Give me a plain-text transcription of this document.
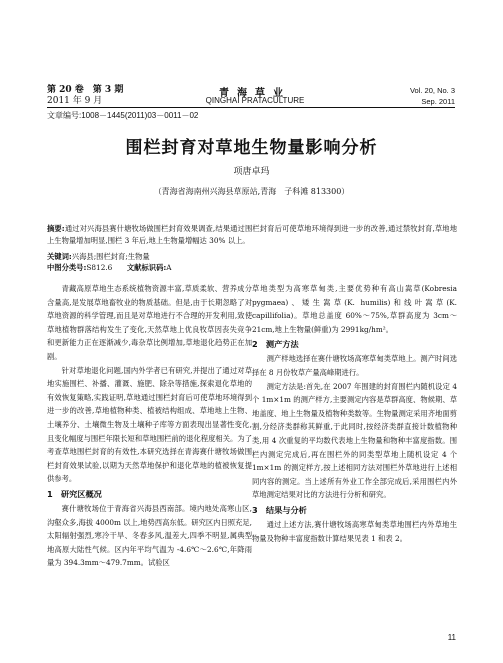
第 20 卷　第 3 期
2011 年 9 月
青海草业
QINGHAI PRATACULTURE
Vol. 20, No. 3
Sep. 2011
文章编号:1008－1445(2011)03－0011－02
围栏封育对草地生物量影响分析
项唐卓玛
（青海省海南州兴海县草原站,青海　子科滩 813300）
摘要:通过对兴海县赛什塘牧场做围栏封育效果调查,结果通过围栏封育后可使草地环境得到进一步的改善,通过禁牧封育,草地地上生物量增加明显,围栏 3 年后,地上生物量增幅达 30% 以上。
关键词:兴海县;围栏封育;生物量
中图分类号:S812.6　　 文献标识码:A

青藏高原草地生态系统植物资源丰富,草质柔软、营养成分含量高,是发展草地畜牧业的物质基础。但是,由于长期忽略了对草地资源的科学管理,而且是对草地进行不合理的开发利用,致使草地植物群落结构发生了变化,天然草地上优良牧草因丧失竞争和更新能力正在逐渐减少,毒杂草比例增加,草地退化趋势正在加剧。

针对草地退化问题,国内外学者已有研究,并提出了通过对草地实施围栏、补播、灌溉、施肥、除杂等措施,探索退化草地的有效恢复策略,实践证明,草地通过围栏封育后可使草地环境得到进一步的改善,草地植物种类、植被结构组成、草地地上生物、土壤养分、土壤微生物及土壤种子库等方面表现出显著性变化,且变化幅度与围栏年限长短和草地围栏前的退化程度相关。为了考查草地围栏封育的有效性,本研究选择在青海赛什塘牧场做围栏封育效果试验,以期为天然草地保护和退化草地的植被恢复提供参考。

1　研究区概况

赛什塘牧场位于青海省兴海县西南部。境内地处高寒山区,沟壑众多,海拔 4000m 以上,地势西高东低。研究区内日照充足,太阳辐射强烈,寒冷干旱、冬春多风,温差大,四季不明显,属典型地高原大陆性气候。区内年平均气温为 -4.6℃～2.6℃,年降雨量为 394.3mm～479.7mm。试验区

草地类型为高寒草甸类,主要优势种有高山嵩草(Kobresia pygmaea)、矮生嵩草(K. humilis)和线叶嵩草(K. capillifolia)。草地总盖度 60%～75%,草群高度为 3cm～21cm,地上生物量(鲜重)为 2991kg/hm²。

2　测产方法

测产样地选择在赛什塘牧场高寒草甸类草地上。测产时间选择在 8 月份牧草产量高峰期进行。

测定方法是:首先,在 2007 年围建的封育围栏内随机设定 4 个 1m×1m 的测产样方,主要测定内容是草群高度、物候期、草地盖度、地上生物量及植物种类数等。生物量测定采用齐地面剪割,分经济类群称其鲜重,于此同时,按经济类群直接计数植物种类,用 4 次重复的平均数代表地上生物量和物种丰富度指数。围栏内测定完成后,再在围栏外的同类型草地上随机设定 4 个 1m×1m 的测定样方,按上述相同方法对围栏外草地进行上述相同内容的测定。当上述所有外业工作全部完成后,采用围栏内外草地测定结果对比的方法进行分析和研究。

3　结果与分析

通过上述方法,赛什塘牧场高寒草甸类草地围栏内外草地生物量及物种丰富度指数计算结果见表 1 和表 2。

11
